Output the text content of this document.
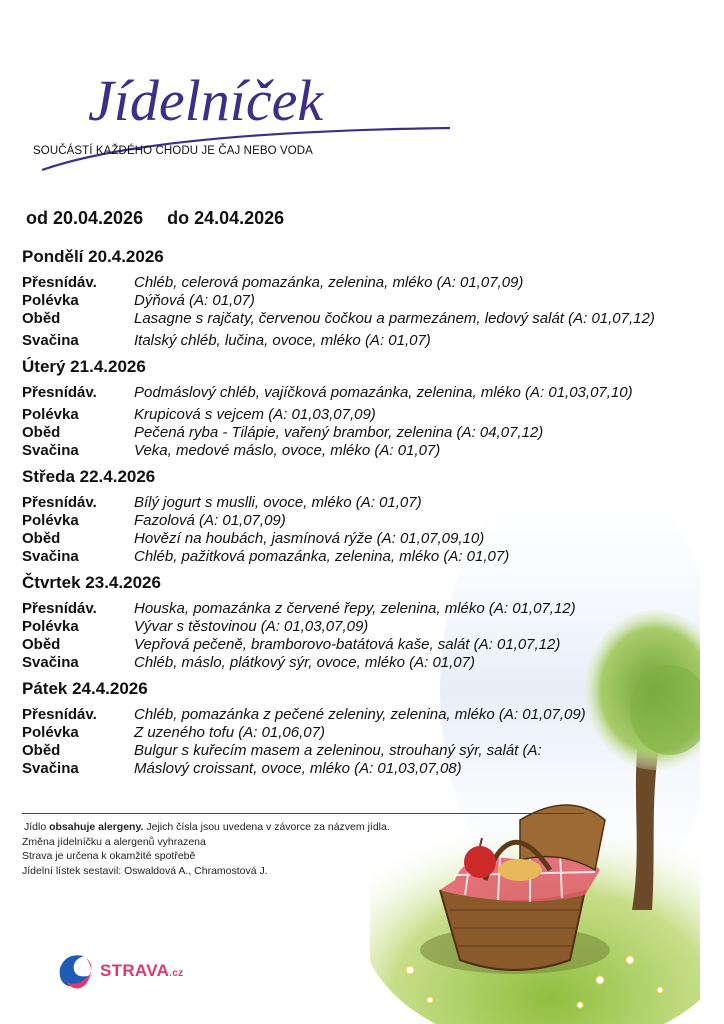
Jídelníček
SOUČÁSTÍ KAŽDÉHO CHODU JE ČAJ NEBO VODA
od 20.04.2026 do 24.04.2026
Pondělí 20.4.2026
Přesnídáv.	Chléb, celerová pomazánka, zelenina, mléko (A: 01,07,09)
Polévka	Dýňová (A: 01,07)
Oběd	Lasagne s rajčaty, červenou čočkou a parmezánem, ledový salát (A: 01,07,12)
Svačina	Italský chléb, lučina, ovoce, mléko (A: 01,07)
Úterý 21.4.2026
Přesnídáv.	Podmáslový chléb, vajíčková pomazánka, zelenina, mléko (A: 01,03,07,10)
Polévka	Krupicová s vejcem (A: 01,03,07,09)
Oběd	Pečená ryba - Tilápie, vařený brambor, zelenina (A: 04,07,12)
Svačina	Veka, medové máslo, ovoce, mléko (A: 01,07)
Středa 22.4.2026
Přesnídáv.	Bílý jogurt s muslli, ovoce, mléko (A: 01,07)
Polévka	Fazolová (A: 01,07,09)
Oběd	Hovězí na houbách, jasmínová rýže (A: 01,07,09,10)
Svačina	Chléb, pažitková pomazánka, zelenina, mléko (A: 01,07)
Čtvrtek 23.4.2026
Přesnídáv.	Houska, pomazánka z červené řepy, zelenina, mléko (A: 01,07,12)
Polévka	Vývar s těstovinou (A: 01,03,07,09)
Oběd	Vepřová pečeně, bramborovo-batátová kaše, salát (A: 01,07,12)
Svačina	Chléb, máslo, plátkový sýr, ovoce, mléko (A: 01,07)
Pátek 24.4.2026
Přesnídáv.	Chléb, pomazánka z pečené zeleniny, zelenina, mléko (A: 01,07,09)
Polévka	Z uzeného tofu (A: 01,06,07)
Oběd	Bulgur s kuřecím masem a zeleninou, strouhaný sýr, salát (A:
Svačina	Máslový croissant, ovoce, mléko (A: 01,03,07,08)
Jídlo obsahuje alergeny. Jejich čísla jsou uvedena v závorce za názvem jídla.
Změna jídelníčku a alergenů vyhrazena
Strava je určena k okamžité spotřebě
Jídelní lístek sestavil: Oswaldová A., Chramostová J.
STRAVA.cz
